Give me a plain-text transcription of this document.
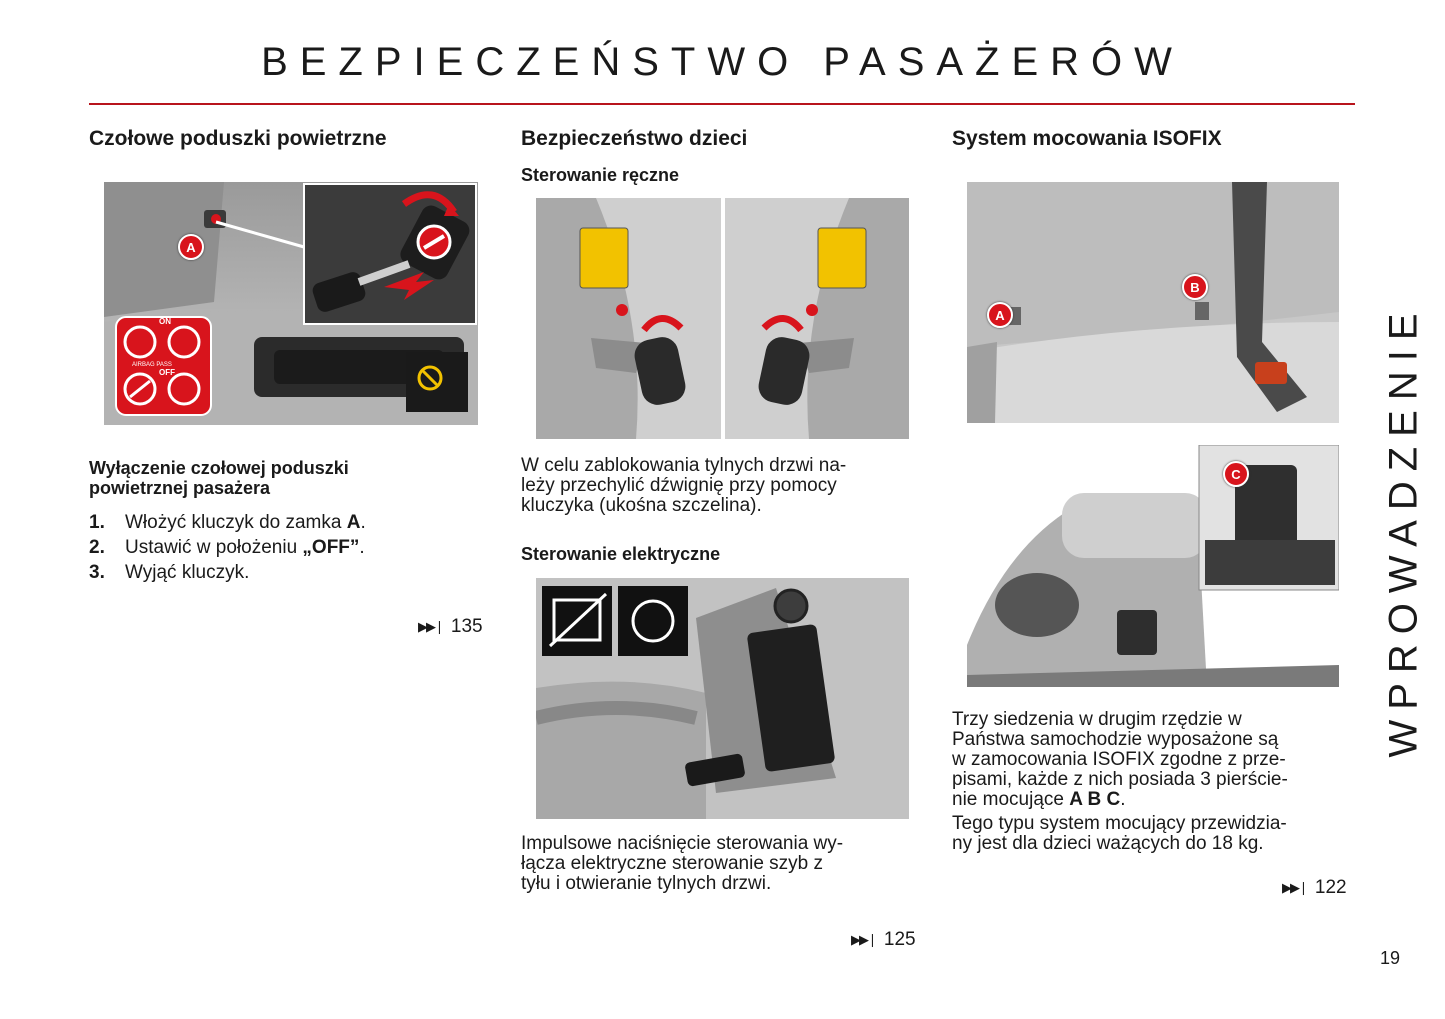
BEZPIECZEŃSTWO PASAŻERÓW
Czołowe poduszki powietrzne
A
ON
OFF
AIRBAG PASS
Wyłączenie czołowej poduszki
powietrznej pasażera
1.	Włożyć kluczyk do zamka A.
2.	Ustawić w położeniu „OFF”.
3.	Wyjąć kluczyk.
▶▶❘ 135
Bezpieczeństwo dzieci
Sterowanie ręczne
W celu zablokowania tylnych drzwi na-
leży przechylić dźwignię przy pomocy
kluczyka (ukośna szczelina).
Sterowanie elektryczne
Impulsowe naciśnięcie sterowania wy-
łącza elektryczne sterowanie szyb z
tyłu i otwieranie tylnych drzwi.
▶▶❘ 125
System mocowania ISOFIX
A
B
C
Trzy siedzenia w drugim rzędzie w
Państwa samochodzie wyposażone są
w zamocowania ISOFIX zgodne z prze-
pisami, każde z nich posiada 3 pierście-
nie mocujące A B C.
Tego typu system mocujący przewidzia-
ny jest dla dzieci ważących do 18 kg.
▶▶❘ 122
WPROWADZENIE
19
